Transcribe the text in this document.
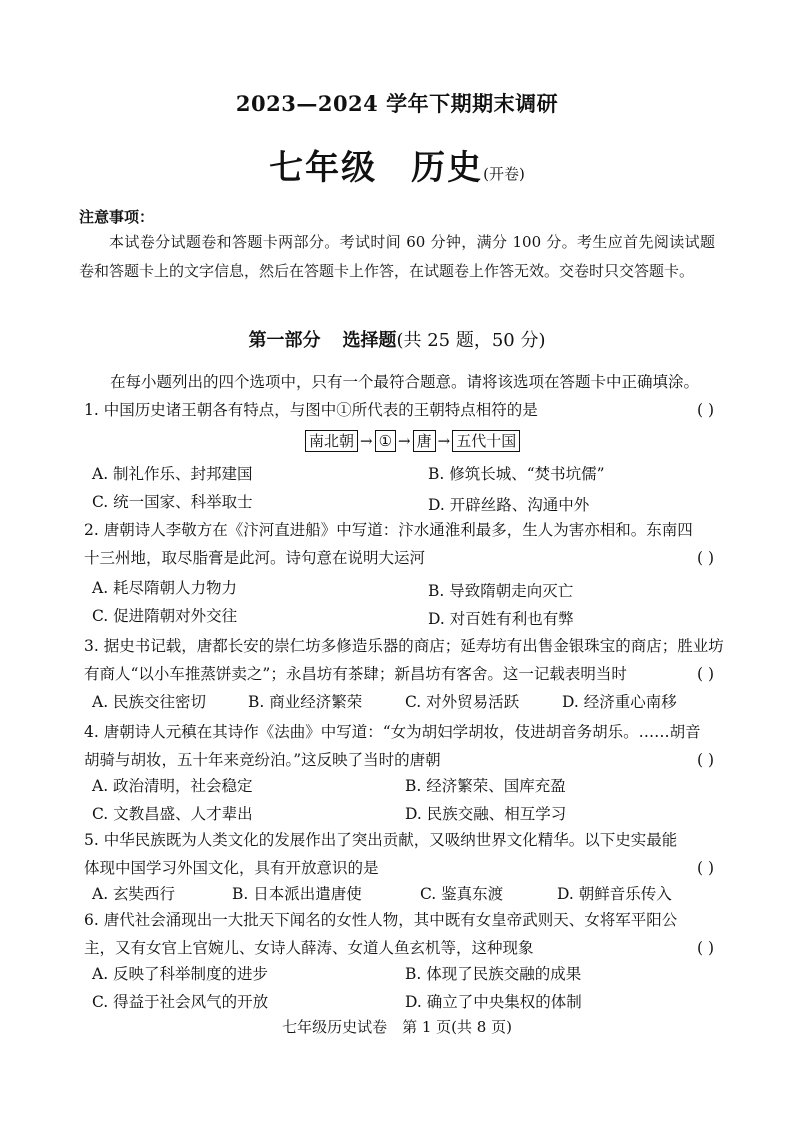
2023—2024 学年下期期末调研
七年级 历史(开卷)
注意事项：
本试卷分试题卷和答题卡两部分。考试时间 60 分钟，满分 100 分。考生应首先阅读试题卷和答题卡上的文字信息，然后在答题卡上作答，在试题卷上作答无效。交卷时只交答题卡。
第一部分 选择题(共 25 题，50 分)
在每小题列出的四个选项中，只有一个最符合题意。请将该选项在答题卡中正确填涂。
1. 中国历史诸王朝各有特点，与图中①所代表的王朝特点相符的是	( )
南北朝 → ① → 唐 → 五代十国
A. 制礼作乐、封邦建国	B. 修筑长城、“焚书坑儒”
C. 统一国家、科举取士	D. 开辟丝路、沟通中外
2. 唐朝诗人李敬方在《汴河直进船》中写道：汴水通淮利最多，生人为害亦相和。东南四
十三州地，取尽脂膏是此河。诗句意在说明大运河	( )
A. 耗尽隋朝人力物力	B. 导致隋朝走向灭亡
C. 促进隋朝对外交往	D. 对百姓有利也有弊
3. 据史书记载，唐都长安的崇仁坊多修造乐器的商店；延寿坊有出售金银珠宝的商店；胜业坊
有商人“以小车推蒸饼卖之”；永昌坊有茶肆；新昌坊有客舍。这一记载表明当时	( )
A. 民族交往密切	B. 商业经济繁荣	C. 对外贸易活跃	D. 经济重心南移
4. 唐朝诗人元稹在其诗作《法曲》中写道：“女为胡妇学胡妆，伎进胡音务胡乐。……胡音
胡骑与胡妆，五十年来竞纷泊。”这反映了当时的唐朝	( )
A. 政治清明，社会稳定	B. 经济繁荣、国库充盈
C. 文教昌盛、人才辈出	D. 民族交融、相互学习
5. 中华民族既为人类文化的发展作出了突出贡献，又吸纳世界文化精华。以下史实最能
体现中国学习外国文化，具有开放意识的是	( )
A. 玄奘西行	B. 日本派出遣唐使	C. 鉴真东渡	D. 朝鲜音乐传入
6. 唐代社会涌现出一大批天下闻名的女性人物，其中既有女皇帝武则天、女将军平阳公
主，又有女官上官婉儿、女诗人薛涛、女道人鱼玄机等，这种现象	( )
A. 反映了科举制度的进步	B. 体现了民族交融的成果
C. 得益于社会风气的开放	D. 确立了中央集权的体制
七年级历史试卷　第 1 页(共 8 页)
